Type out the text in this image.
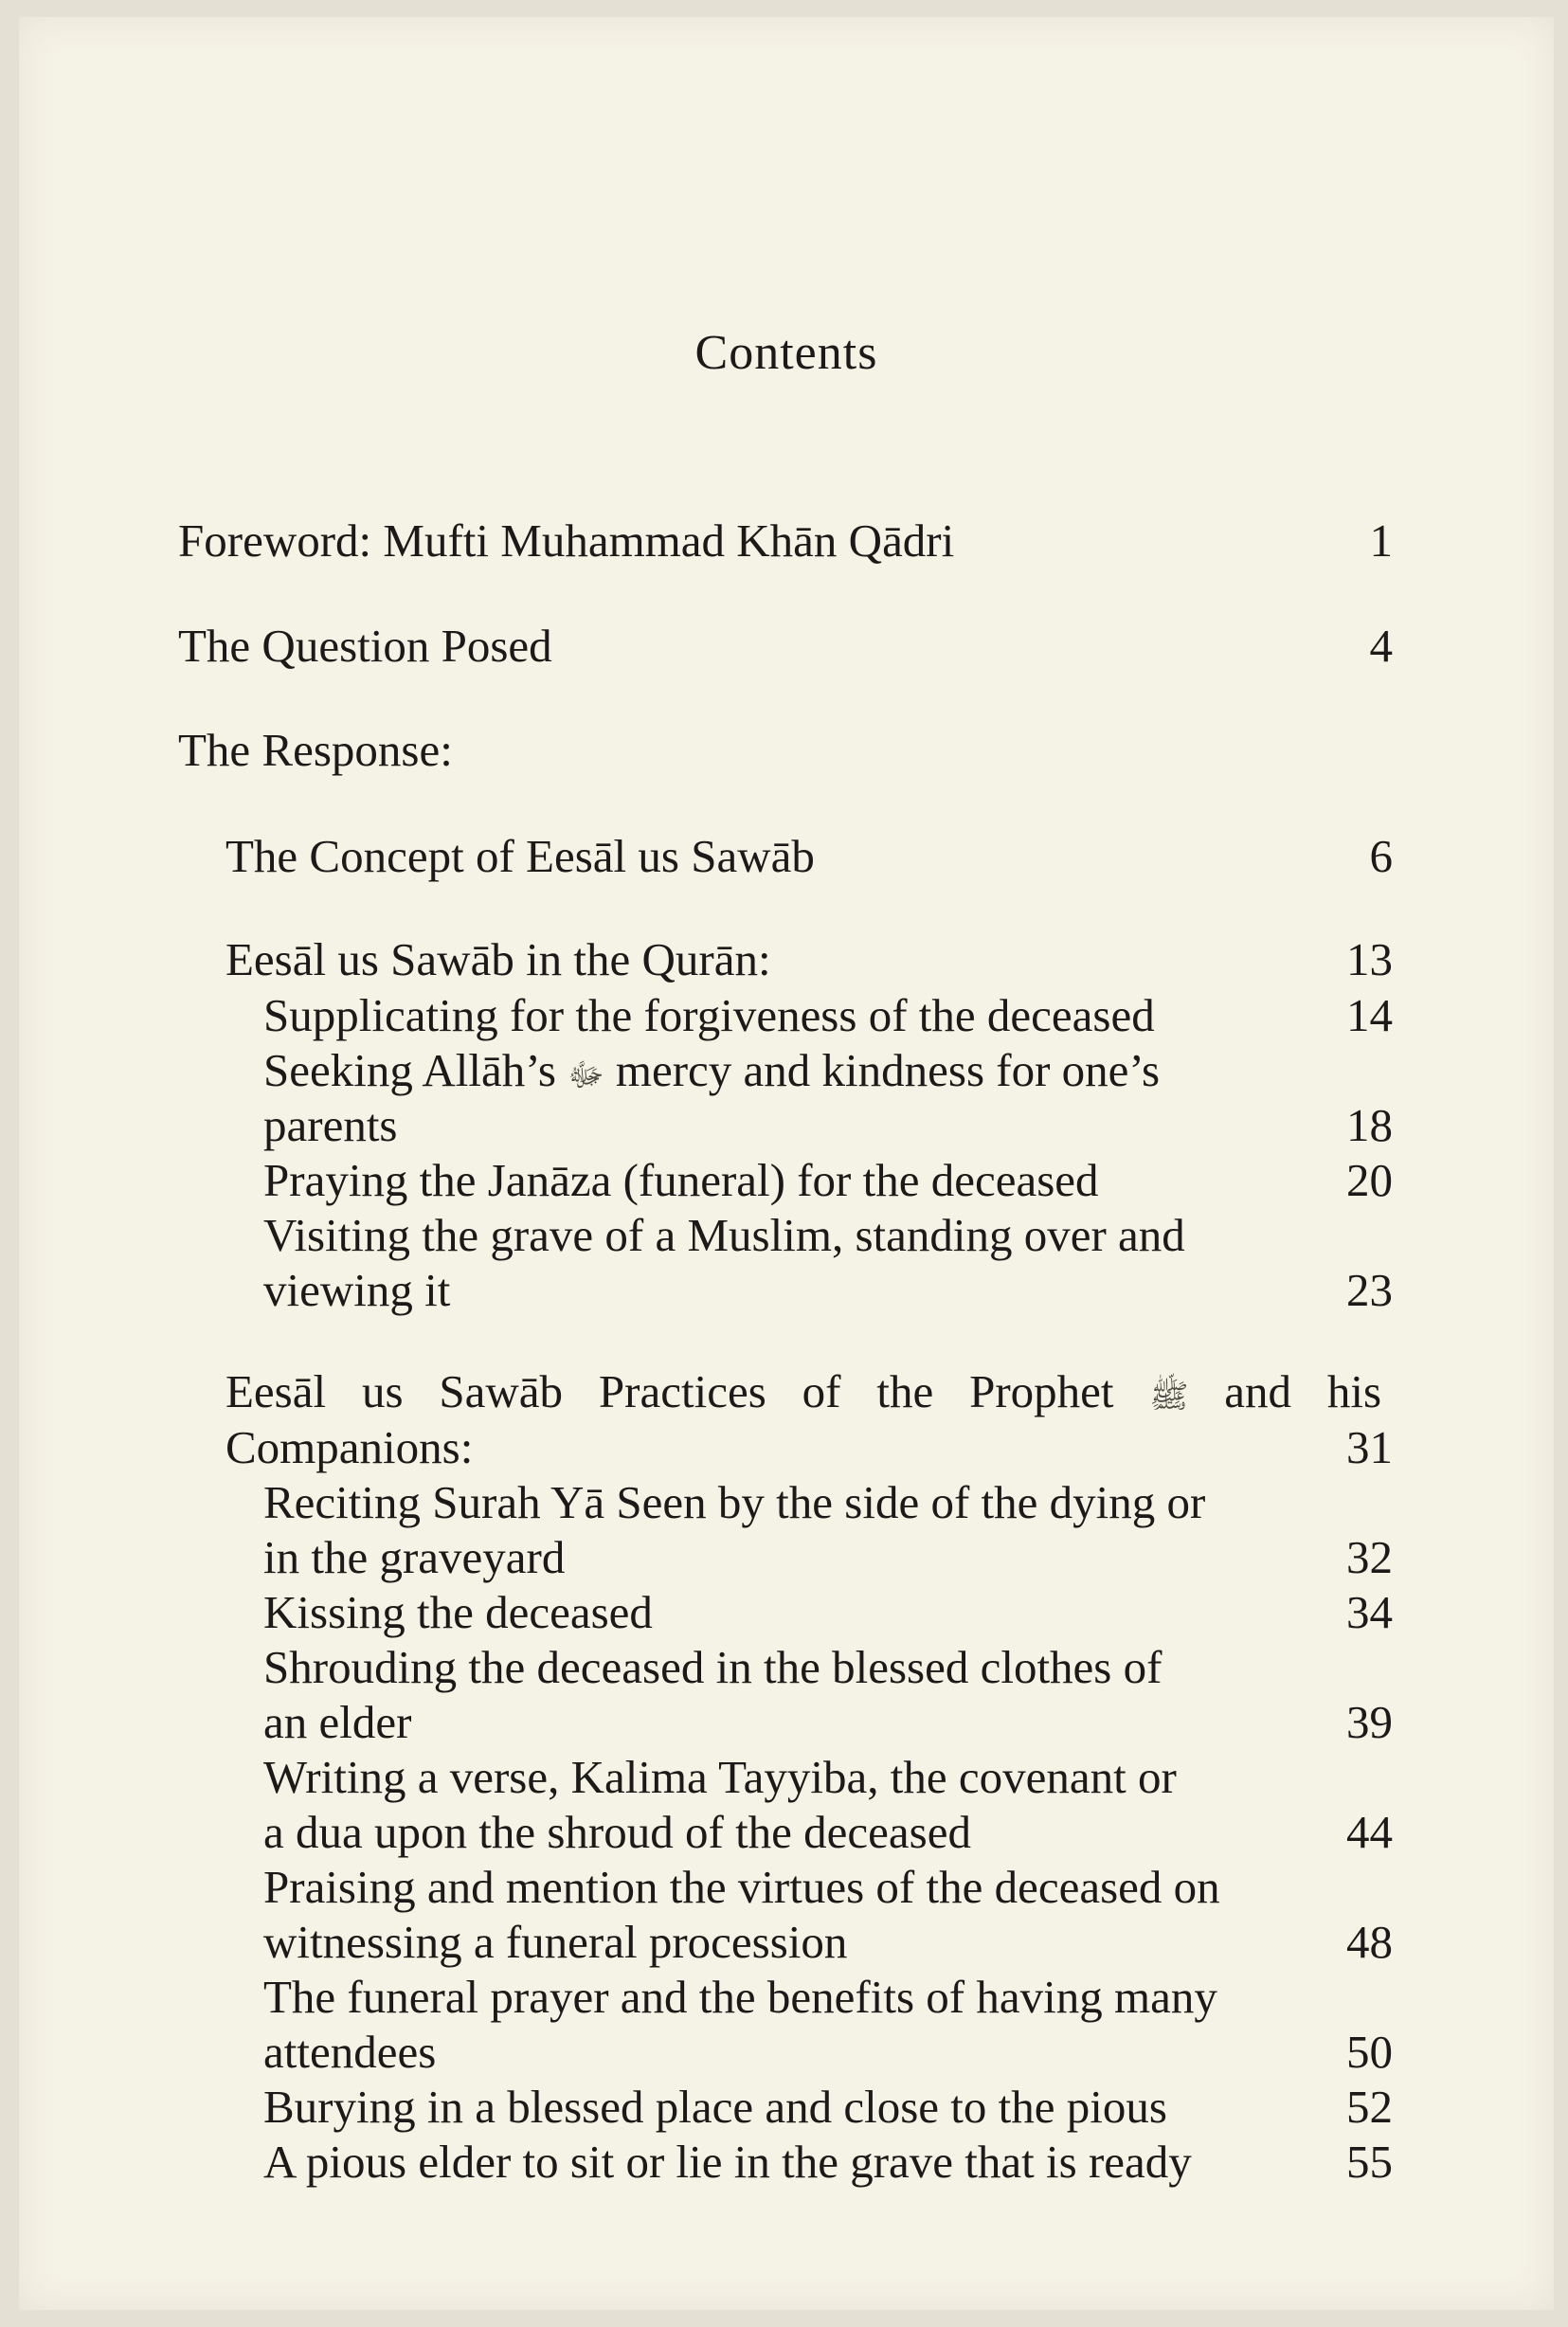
Contents
Foreword: Mufti Muhammad Khān Qādri	1
The Question Posed	4
The Response:
The Concept of Eesāl us Sawāb	6
Eesāl us Sawāb in the Qurān:	13
Supplicating for the forgiveness of the deceased	14
Seeking Allāh’s ﷻ mercy and kindness for one’s
parents	18
Praying the Janāza (funeral) for the deceased	20
Visiting the grave of a Muslim, standing over and
viewing it	23
Eesāl us Sawāb Practices of the Prophet ﷺ and his
Companions:	31
Reciting Surah Yā Seen by the side of the dying or
in the graveyard	32
Kissing the deceased	34
Shrouding the deceased in the blessed clothes of
an elder	39
Writing a verse, Kalima Tayyiba, the covenant or
a dua upon the shroud of the deceased	44
Praising and mention the virtues of the deceased on
witnessing a funeral procession	48
The funeral prayer and the benefits of having many
attendees	50
Burying in a blessed place and close to the pious	52
A pious elder to sit or lie in the grave that is ready	55
